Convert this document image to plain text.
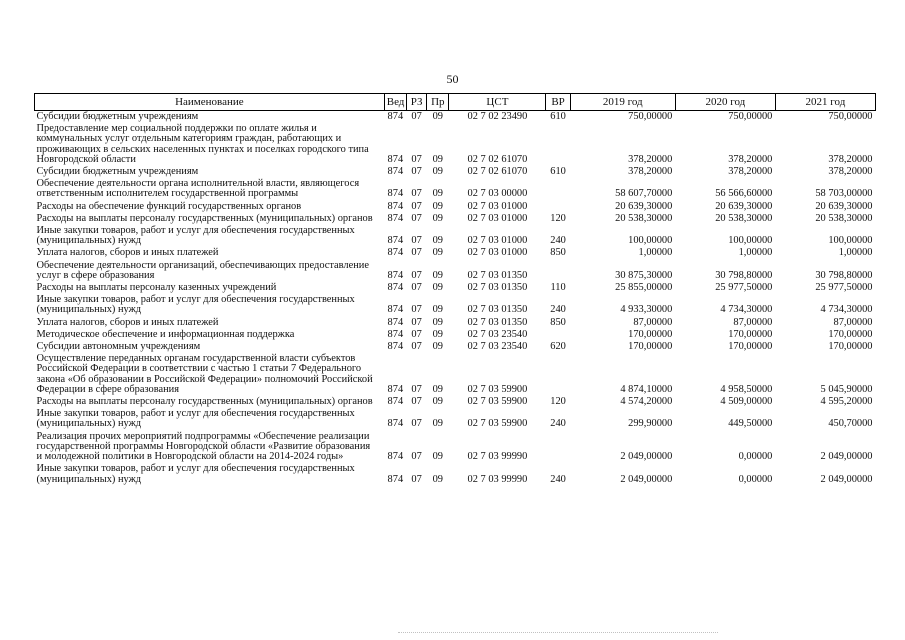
50
Наименование	Вед	РЗ	Пр	ЦСТ	ВР	2019 год	2020 год	2021 год
Субсидии бюджетным учреждениям	874	07	09	02 7 02 23490	610	750,00000	750,00000	750,00000
Предоставление мер социальной поддержки по оплате жилья и коммунальных услуг отдельным категориям граждан, работающих и проживающих в сельских населенных пунктах и поселках городского типа Новгородской области	874	07	09	02 7 02 61070		378,20000	378,20000	378,20000
Субсидии бюджетным учреждениям	874	07	09	02 7 02 61070	610	378,20000	378,20000	378,20000
Обеспечение деятельности органа исполнительной власти, являющегося ответственным исполнителем государственной программы	874	07	09	02 7 03 00000		58 607,70000	56 566,60000	58 703,00000
Расходы на обеспечение функций государственных органов	874	07	09	02 7 03 01000		20 639,30000	20 639,30000	20 639,30000
Расходы на выплаты персоналу государственных (муниципальных) органов	874	07	09	02 7 03 01000	120	20 538,30000	20 538,30000	20 538,30000
Иные закупки товаров, работ и услуг для обеспечения государственных (муниципальных) нужд	874	07	09	02 7 03 01000	240	100,00000	100,00000	100,00000
Уплата налогов, сборов и иных платежей	874	07	09	02 7 03 01000	850	1,00000	1,00000	1,00000
Обеспечение деятельности организаций, обеспечивающих предоставление услуг в сфере образования	874	07	09	02 7 03 01350		30 875,30000	30 798,80000	30 798,80000
Расходы на выплаты персоналу казенных учреждений	874	07	09	02 7 03 01350	110	25 855,00000	25 977,50000	25 977,50000
Иные закупки товаров, работ и услуг для обеспечения государственных (муниципальных) нужд	874	07	09	02 7 03 01350	240	4 933,30000	4 734,30000	4 734,30000
Уплата налогов, сборов и иных платежей	874	07	09	02 7 03 01350	850	87,00000	87,00000	87,00000
Методическое обеспечение и информационная поддержка	874	07	09	02 7 03 23540		170,00000	170,00000	170,00000
Субсидии автономным учреждениям	874	07	09	02 7 03 23540	620	170,00000	170,00000	170,00000
Осуществление переданных органам государственной власти субъектов Российской Федерации в соответствии с частью 1 статьи 7 Федерального закона «Об образовании в Российской Федерации» полномочий Российской Федерации в сфере образования	874	07	09	02 7 03 59900		4 874,10000	4 958,50000	5 045,90000
Расходы на выплаты персоналу государственных (муниципальных) органов	874	07	09	02 7 03 59900	120	4 574,20000	4 509,00000	4 595,20000
Иные закупки товаров, работ и услуг для обеспечения государственных (муниципальных) нужд	874	07	09	02 7 03 59900	240	299,90000	449,50000	450,70000
Реализация прочих мероприятий подпрограммы «Обеспечение реализации государственной программы Новгородской области «Развитие образования и молодежной политики в Новгородской области на 2014-2024 годы»	874	07	09	02 7 03 99990		2 049,00000	0,00000	2 049,00000
Иные закупки товаров, работ и услуг для обеспечения государственных (муниципальных) нужд	874	07	09	02 7 03 99990	240	2 049,00000	0,00000	2 049,00000
